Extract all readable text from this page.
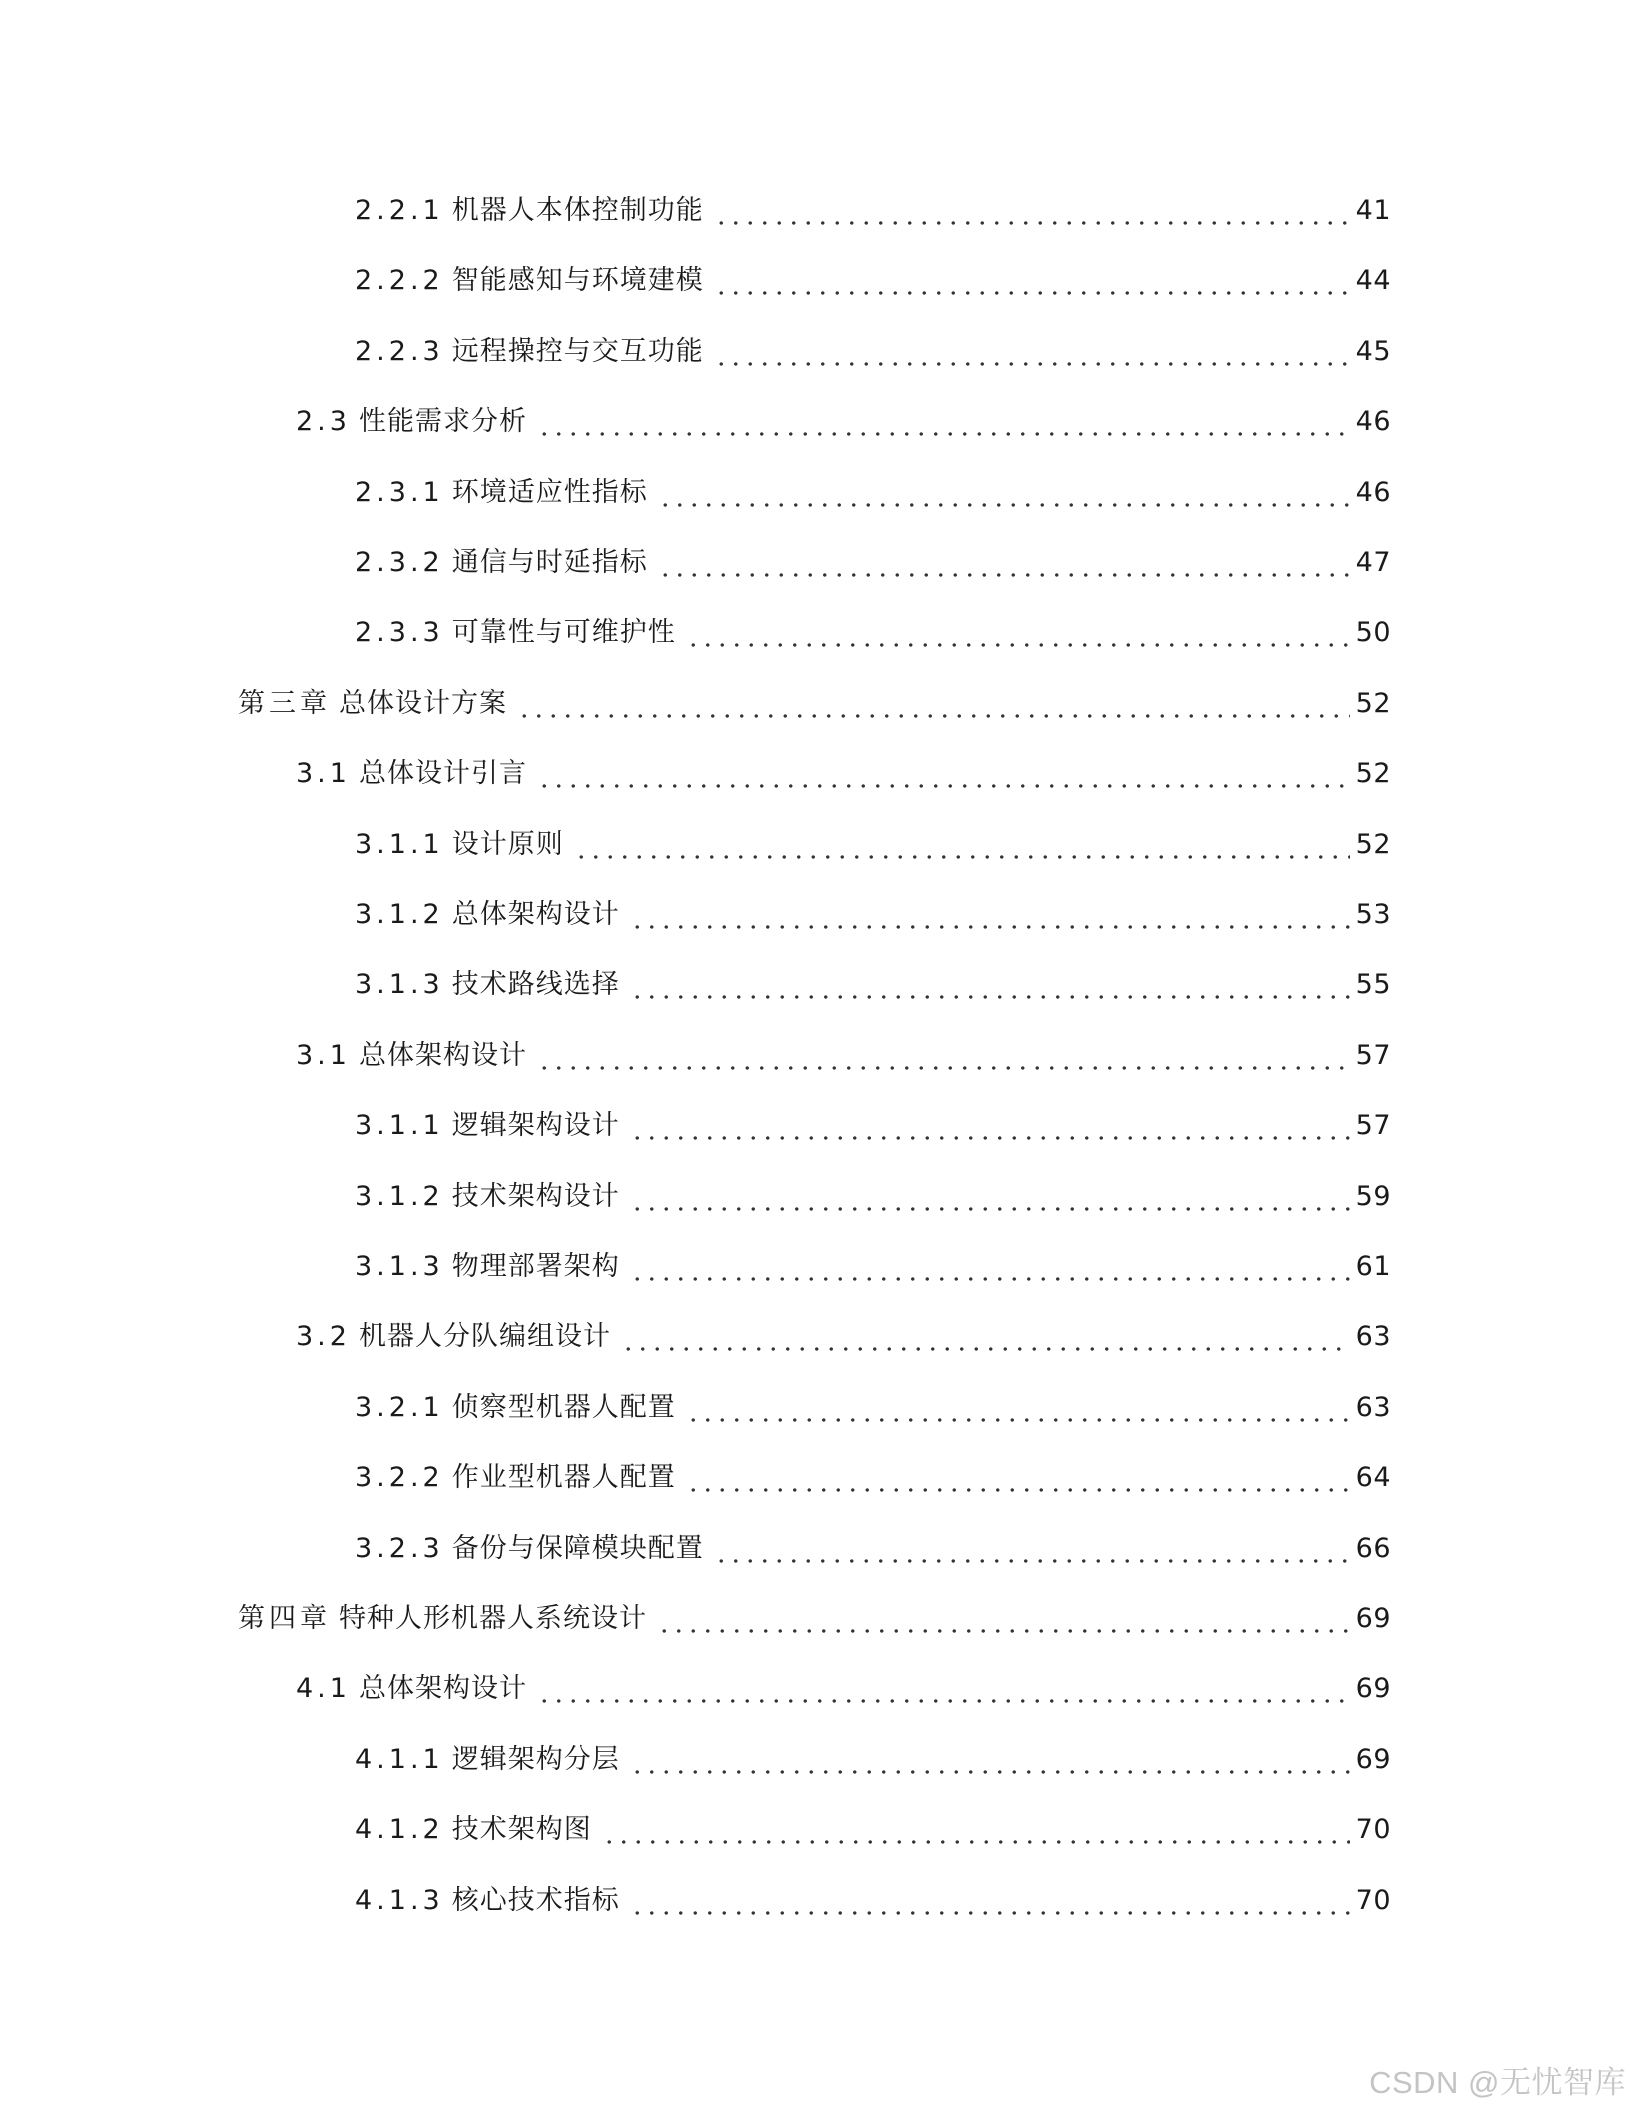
2.2.1 机器人本体控制功能	41
2.2.2 智能感知与环境建模	44
2.2.3 远程操控与交互功能	45
2.3 性能需求分析	46
2.3.1 环境适应性指标	46
2.3.2 通信与时延指标	47
2.3.3 可靠性与可维护性	50
第三章 总体设计方案	52
3.1 总体设计引言	52
3.1.1 设计原则	52
3.1.2 总体架构设计	53
3.1.3 技术路线选择	55
3.1 总体架构设计	57
3.1.1 逻辑架构设计	57
3.1.2 技术架构设计	59
3.1.3 物理部署架构	61
3.2 机器人分队编组设计	63
3.2.1 侦察型机器人配置	63
3.2.2 作业型机器人配置	64
3.2.3 备份与保障模块配置	66
第四章 特种人形机器人系统设计	69
4.1 总体架构设计	69
4.1.1 逻辑架构分层	69
4.1.2 技术架构图	70
4.1.3 核心技术指标	70
CSDN @无忧智库
